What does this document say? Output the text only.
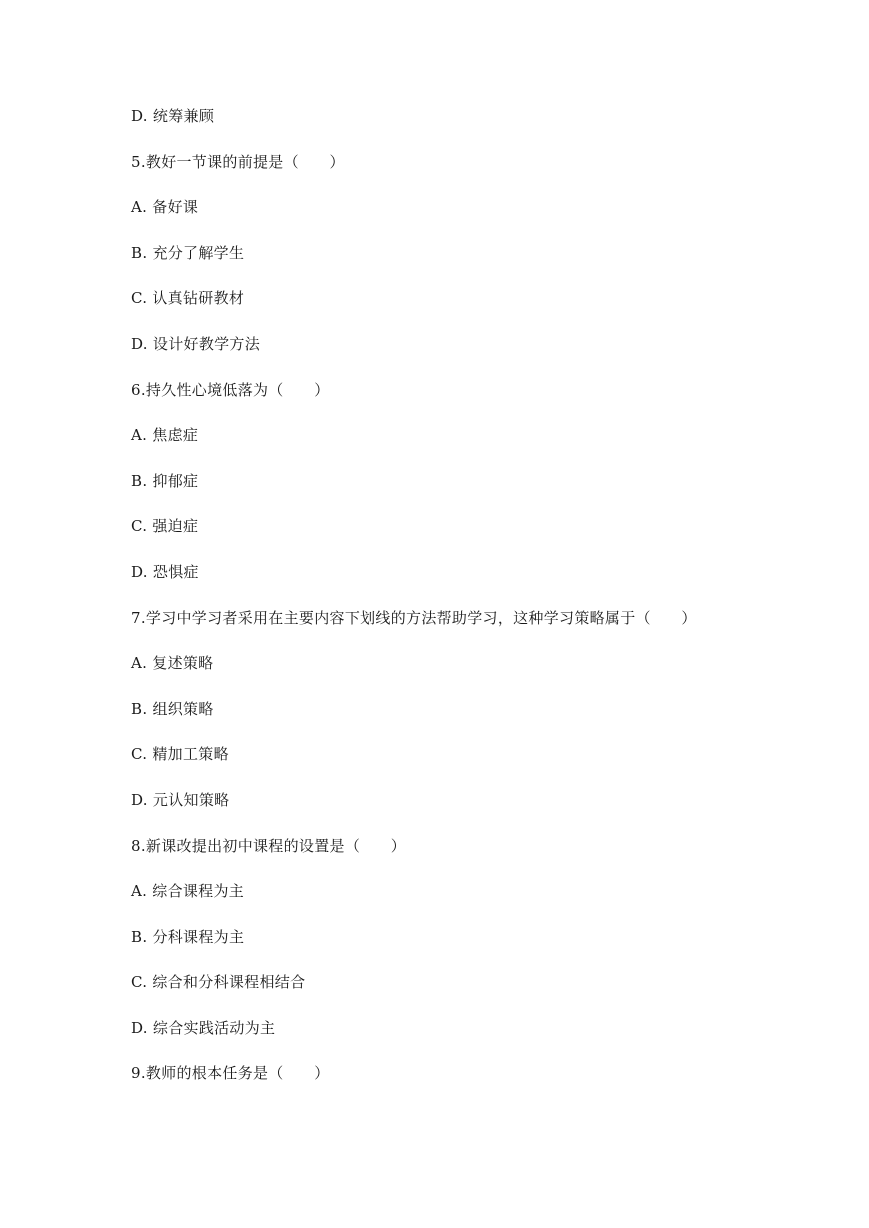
D. 统筹兼顾
5.教好一节课的前提是（　　）
A. 备好课
B. 充分了解学生
C. 认真钻研教材
D. 设计好教学方法
6.持久性心境低落为（　　）
A. 焦虑症
B. 抑郁症
C. 强迫症
D. 恐惧症
7.学习中学习者采用在主要内容下划线的方法帮助学习，这种学习策略属于（　　）
A. 复述策略
B. 组织策略
C. 精加工策略
D. 元认知策略
8.新课改提出初中课程的设置是（　　）
A. 综合课程为主
B. 分科课程为主
C. 综合和分科课程相结合
D. 综合实践活动为主
9.教师的根本任务是（　　）
